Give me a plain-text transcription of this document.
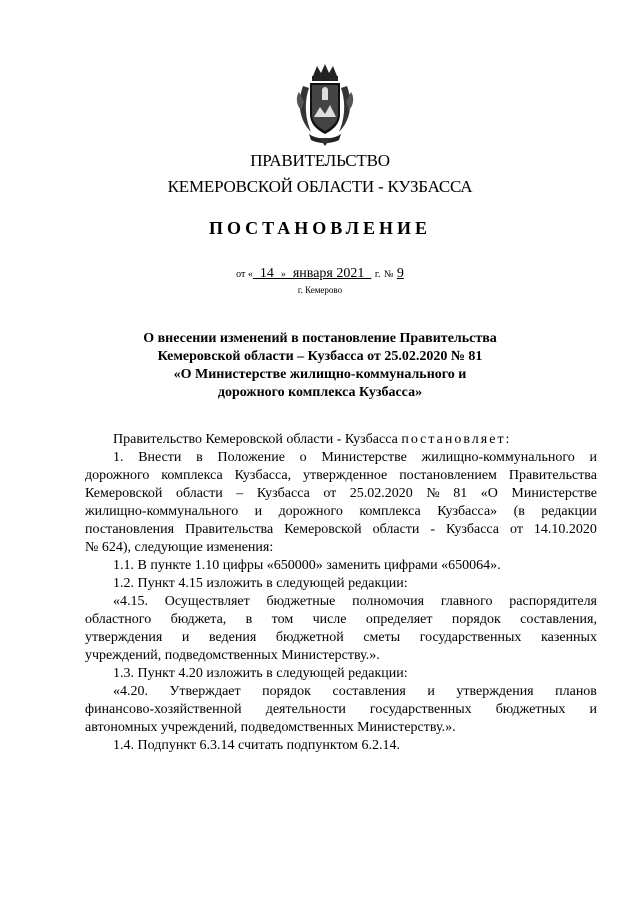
ПРАВИТЕЛЬСТВО
КЕМЕРОВСКОЙ ОБЛАСТИ - КУЗБАССА
ПОСТАНОВЛЕНИЕ
от « 14 » января 2021 г. № 9
г. Кемерово
О внесении изменений в постановление Правительства
Кемеровской области – Кузбасса от 25.02.2020 № 81
«О Министерстве жилищно-коммунального и
дорожного комплекса Кузбасса»
Правительство Кемеровской области - Кузбасса постановляет:
1. Внести в Положение о Министерстве жилищно-коммунального и
дорожного комплекса Кузбасса, утвержденное постановлением Правительства
Кемеровской области – Кузбасса от 25.02.2020 № 81 «О Министерстве
жилищно-коммунального и дорожного комплекса Кузбасса» (в редакции
постановления Правительства Кемеровской области - Кузбасса от 14.10.2020
№ 624), следующие изменения:
1.1. В пункте 1.10 цифры «650000» заменить цифрами «650064».
1.2. Пункт 4.15 изложить в следующей редакции:
«4.15. Осуществляет бюджетные полномочия главного распорядителя
областного бюджета, в том числе определяет порядок составления,
утверждения и ведения бюджетной сметы государственных казенных
учреждений, подведомственных Министерству.».
1.3. Пункт 4.20 изложить в следующей редакции:
«4.20. Утверждает порядок составления и утверждения планов
финансово-хозяйственной деятельности государственных бюджетных и
автономных учреждений, подведомственных Министерству.».
1.4. Подпункт 6.3.14 считать подпунктом 6.2.14.
